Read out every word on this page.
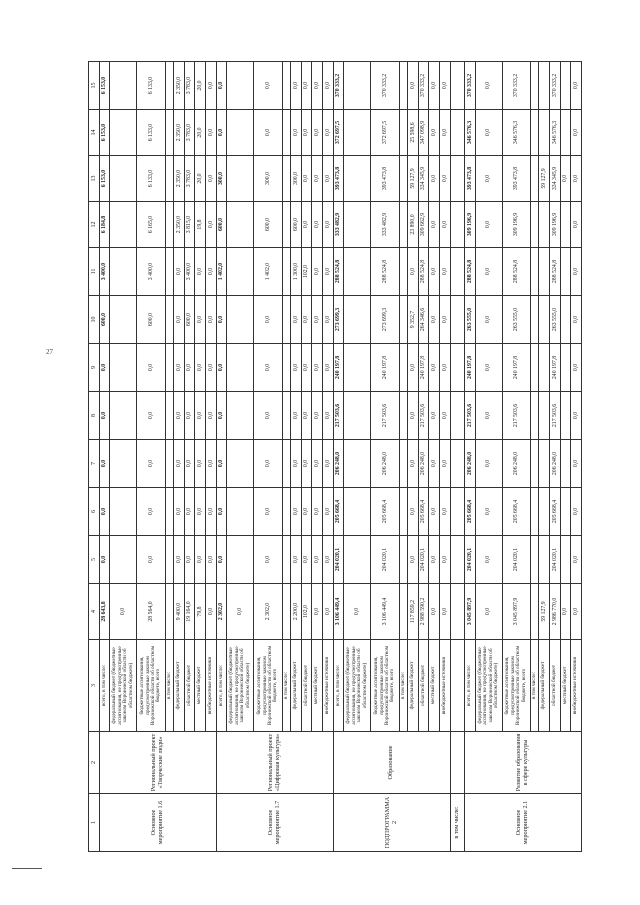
27
1	2	3	4	5	6	7	8	9	10	11	12	13	14	15
Основное мероприятие 1.6	Региональный проект «Творческие люди»	всего, в том числе:	28 643,8	0,0	0,0	0,0	0,0	0,0	600,0	3 400,0	6 184,8	6 153,0	6 153,0	6 153,0
		федеральный бюджет (бюджетные ассигнования, не предусмотренные законом Воронежской области об областном бюджете)	0,0											
		бюджетные ассигнования, предусмотренные законом Воронежской области об областном бюджете, всего	28 564,0	0,0	0,0	0,0	0,0	0,0	600,0	3 400,0	6 165,0	6 133,0	6 133,0	6 133,0
		в том числе:												
		федеральный бюджет	9 400,0	0,0	0,0	0,0	0,0	0,0	0,0	0,0	2 350,0	2 350,0	2 350,0	2 350,0
		областной бюджет	19 164,0	0,0	0,0	0,0	0,0	0,0	600,0	3 400,0	3 815,0	3 783,0	3 783,0	3 783,0
		местный бюджет	79,8	0,0	0,0	0,0	0,0	0,0	0,0	0,0	19,8	20,0	20,0	20,0
		внебюджетные источники	0,0	0,0	0,0	0,0	0,0	0,0	0,0	0,0	0,0	0,0	0,0	0,0
Основное мероприятие 1.7	Региональный проект «Цифровая культура»	всего, в том числе:	2 302,0	0,0	0,0	0,0	0,0	0,0	0,0	1 402,0	600,0	300,0	0,0	0,0
		федеральный бюджет (бюджетные ассигнования, не предусмотренные законом Воронежской области об областном бюджете)	0,0											
		бюджетные ассигнования, предусмотренные законом Воронежской области об областном бюджете, всего	2 302,0	0,0	0,0	0,0	0,0	0,0	0,0	1 402,0	600,0	300,0	0,0	0,0
		в том числе:												
		федеральный бюджет	2 200,0	0,0	0,0	0,0	0,0	0,0	0,0	1 300,0	600,0	300,0	0,0	0,0
		областной бюджет	102,0	0,0	0,0	0,0	0,0	0,0	0,0	102,0	0,0	0,0	0,0	0,0
		местный бюджет	0,0	0,0	0,0	0,0	0,0	0,0	0,0	0,0	0,0	0,0	0,0	0,0
		внебюджетные источники	0,0	0,0	0,0	0,0	0,0	0,0	0,0	0,0	0,0	0,0	0,0	0,0
ПОДПРОГРАММА 2	Образование	всего, в том числе:	3 106 449,4	204 020,1	205 668,4	206 248,0	217 503,6	240 197,8	273 699,3	288 524,8	333 482,9	393 473,8	372 697,5	370 333,2
		федеральный бюджет (бюджетные ассигнования, не предусмотренные законом Воронежской области об областном бюджете)	0,0											
		бюджетные ассигнования, предусмотренные законом Воронежской области об областном бюджете, всего	3 106 449,4	204 020,1	205 668,4	206 248,0	217 503,6	240 197,8	273 699,3	288 524,8	333 482,9	393 473,8	372 697,5	370 333,2
		в том числе:												
		федеральный бюджет	117 859,2	0,0	0,0	0,0	0,0	0,0	9 352,7	0,0	23 890,0	59 127,9	25 598,6	0,0
		областной бюджет	2 988 590,2	204 020,1	205 668,4	206 248,0	217 503,6	240 197,8	264 346,6	288 524,8	309 662,9	334 345,9	347 098,9	370 333,2
		местный бюджет	0,0	0,0	0,0	0,0	0,0	0,0	0,0	0,0	0,0	0,0	0,0	0,0
		внебюджетные источники	0,0	0,0	0,0	0,0	0,0	0,0	0,0	0,0	0,0	0,0	0,0	0,0
в том числе:														
Основное мероприятие 2.1	Развитие образования в сфере культуры	всего, в том числе:	3 045 897,9	204 020,1	205 668,4	206 248,0	217 503,6	240 197,8	263 555,0	288 524,8	309 196,9	393 473,8	346 576,3	370 333,2
		федеральный бюджет (бюджетные ассигнования, не предусмотренные законом Воронежской области об областном бюджете)	0,0	0,0	0,0	0,0	0,0	0,0	0,0	0,0	0,0	0,0	0,0	0,0
		бюджетные ассигнования, предусмотренные законом Воронежской области об областном бюджете, всего	3 045 897,9	204 020,1	205 668,4	206 248,0	217 503,6	240 197,8	263 555,0	288 524,8	309 196,9	393 473,8	346 576,3	370 333,2
		в том числе:												
		федеральный бюджет	59 127,9									59 127,9		
		областной бюджет	2 986 770,0	204 020,1	205 668,4	206 248,0	217 503,6	240 197,8	263 555,0	288 524,8	309 196,9	334 345,9	346 576,3	370 333,2
		местный бюджет	0,0									0,0		
		внебюджетные источники	0,0	0,0	0,0	0,0	0,0	0,0	0,0	0,0	0,0	0,0	0,0	0,0
